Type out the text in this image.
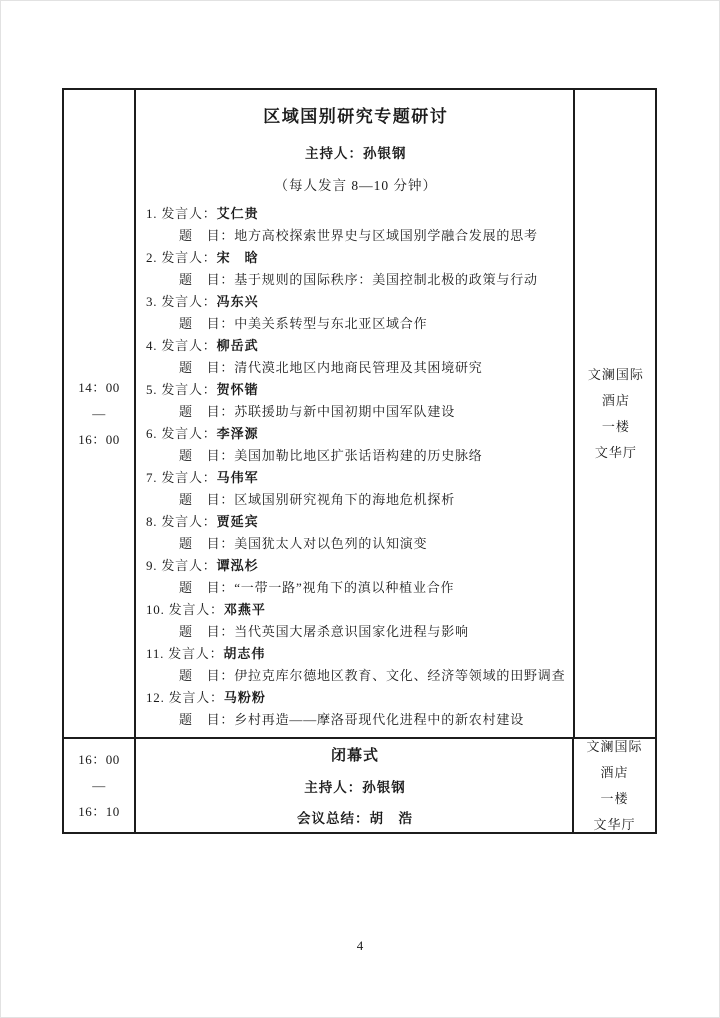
14：00
—
16：00
区域国别研究专题研讨
主持人：孙银钢
（每人发言 8—10 分钟）
1. 发言人：艾仁贵
题　目：地方高校探索世界史与区域国别学融合发展的思考
2. 发言人：宋　晗
题　目：基于规则的国际秩序：美国控制北极的政策与行动
3. 发言人：冯东兴
题　目：中美关系转型与东北亚区域合作
4. 发言人：柳岳武
题　目：清代漠北地区内地商民管理及其困境研究
5. 发言人：贺怀锴
题　目：苏联援助与新中国初期中国军队建设
6. 发言人：李泽源
题　目：美国加勒比地区扩张话语构建的历史脉络
7. 发言人：马伟军
题　目：区域国别研究视角下的海地危机探析
8. 发言人：贾延宾
题　目：美国犹太人对以色列的认知演变
9. 发言人：谭泓杉
题　目：“一带一路”视角下的滇以种植业合作
10. 发言人：邓燕平
题　目：当代英国大屠杀意识国家化进程与影响
11. 发言人：胡志伟
题　目：伊拉克库尔德地区教育、文化、经济等领域的田野调查
12. 发言人：马粉粉
题　目：乡村再造——摩洛哥现代化进程中的新农村建设
文澜国际
酒店
一楼
文华厅
16：00
—
16：10
闭幕式
主持人：孙银钢
会议总结：胡　浩
文澜国际
酒店
一楼
文华厅
4
